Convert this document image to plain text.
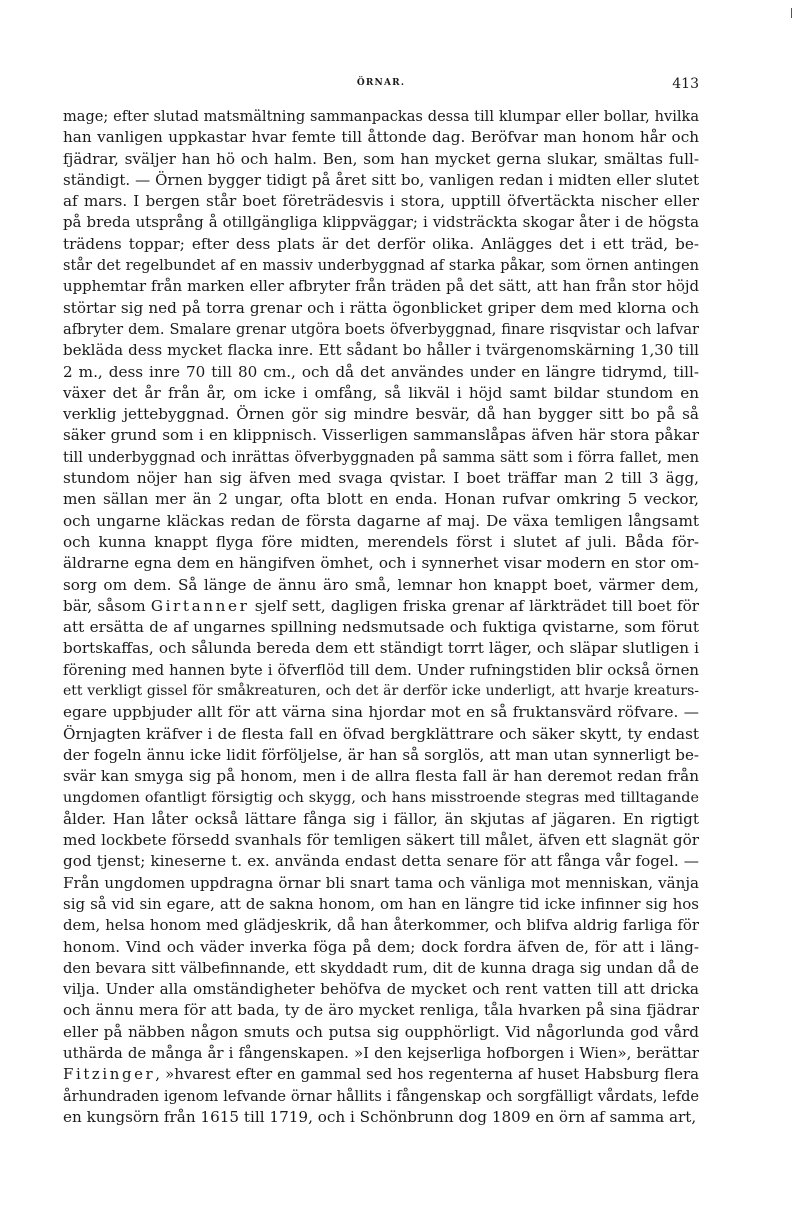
ÖRNAR.	413
mage; efter slutad matsmältning sammanpackas dessa till klumpar eller bollar, hvilka
han vanligen uppkastar hvar femte till åttonde dag. Beröfvar man honom hår och
fjädrar, sväljer han hö och halm. Ben, som han mycket gerna slukar, smältas full-
ständigt. — Örnen bygger tidigt på året sitt bo, vanligen redan i midten eller slutet
af mars. I bergen står boet företrädesvis i stora, upptill öfvertäckta nischer eller
på breda utsprång å otillgängliga klippväggar; i vidsträckta skogar åter i de högsta
trädens toppar; efter dess plats är det derför olika. Anlägges det i ett träd, be-
står det regelbundet af en massiv underbyggnad af starka påkar, som örnen antingen
upphemtar från marken eller afbryter från träden på det sätt, att han från stor höjd
störtar sig ned på torra grenar och i rätta ögonblicket griper dem med klorna och
afbryter dem. Smalare grenar utgöra boets öfverbyggnad, finare risqvistar och lafvar
beklädа dess mycket flacka inre. Ett sådant bo håller i tvärgenomskärning 1,30 till
2 m., dess inre 70 till 80 cm., och då det användes under en längre tidrymd, till-
växer det år från år, om icke i omfång, så likväl i höjd samt bildar stundom en
verklig jettebyggnad. Örnen gör sig mindre besvär, då han bygger sitt bo på så
säker grund som i en klippnisch. Visserligen sammanslåpas äfven här stora påkar
till underbyggnad och inrättas öfverbyggnaden på samma sätt som i förra fallet, men
stundom nöjer han sig äfven med svaga qvistar. I boet träffar man 2 till 3 ägg,
men sällan mer än 2 ungar, ofta blott en enda. Honan rufvar omkring 5 veckor,
och ungarne kläckas redan de första dagarne af maj. De växa temligen långsamt
och kunna knappt flyga före midten, merendels först i slutet af juli. Båda för-
äldrarne egna dem en hängifven ömhet, och i synnerhet visar modern en stor om-
sorg om dem. Så länge de ännu äro små, lemnar hon knappt boet, värmer dem,
bär, såsom Girtanner sjelf sett, dagligen friska grenar af lärkträdet till boet för
att ersätta de af ungarnes spillning nedsmutsade och fuktiga qvistarne, som förut
bortskaffas, och sålunda bereda dem ett ständigt torrt läger, och släpar slutligen i
förening med hannen byte i öfverflöd till dem. Under rufningstiden blir också örnen
ett verkligt gissel för småkreaturen, och det är derför icke underligt, att hvarje kreaturs-
egare uppbjuder allt för att värna sina hjordar mot en så fruktansvärd röfvare. —
Örnjagten kräfver i de flesta fall en öfvad bergklättrare och säker skytt, ty endast
der fogeln ännu icke lidit förföljelse, är han så sorglös, att man utan synnerligt be-
svär kan smyga sig på honom, men i de allra flesta fall är han deremot redan från
ungdomen ofantligt försigtig och skygg, och hans misstroende stegras med tilltagande
ålder. Han låter också lättare fånga sig i fällor, än skjutas af jägaren. En rigtigt
med lockbete försedd svanhals för temligen säkert till målet, äfven ett slagnät gör
god tjenst; kineserne t. ex. använda endast detta senare för att fånga vår fogel. —
Från ungdomen uppdragna örnar bli snart tama och vänliga mot menniskan, vänja
sig så vid sin egare, att de sakna honom, om han en längre tid icke infinner sig hos
dem, helsa honom med glädjeskrik, då han återkommer, och blifva aldrig farliga för
honom. Vind och väder inverka föga på dem; dock fordra äfven de, för att i läng-
den bevara sitt välbefinnande, ett skyddadt rum, dit de kunna draga sig undan då de
vilja. Under alla omständigheter behöfva de mycket och rent vatten till att dricka
och ännu mera för att bada, ty de äro mycket renliga, tåla hvarken på sina fjädrar
eller på näbben någon smuts och putsa sig oupphörligt. Vid någorlunda god vård
uthärda de många år i fångenskapen. »I den kejserliga hofborgen i Wien», berättar
Fitzinger, »hvarest efter en gammal sed hos regenterna af huset Habsburg flera
århundraden igenom lefvande örnar hållits i fångenskap och sorgfälligt vårdats, lefde
en kungsörn från 1615 till 1719, och i Schönbrunn dog 1809 en örn af samma art,
